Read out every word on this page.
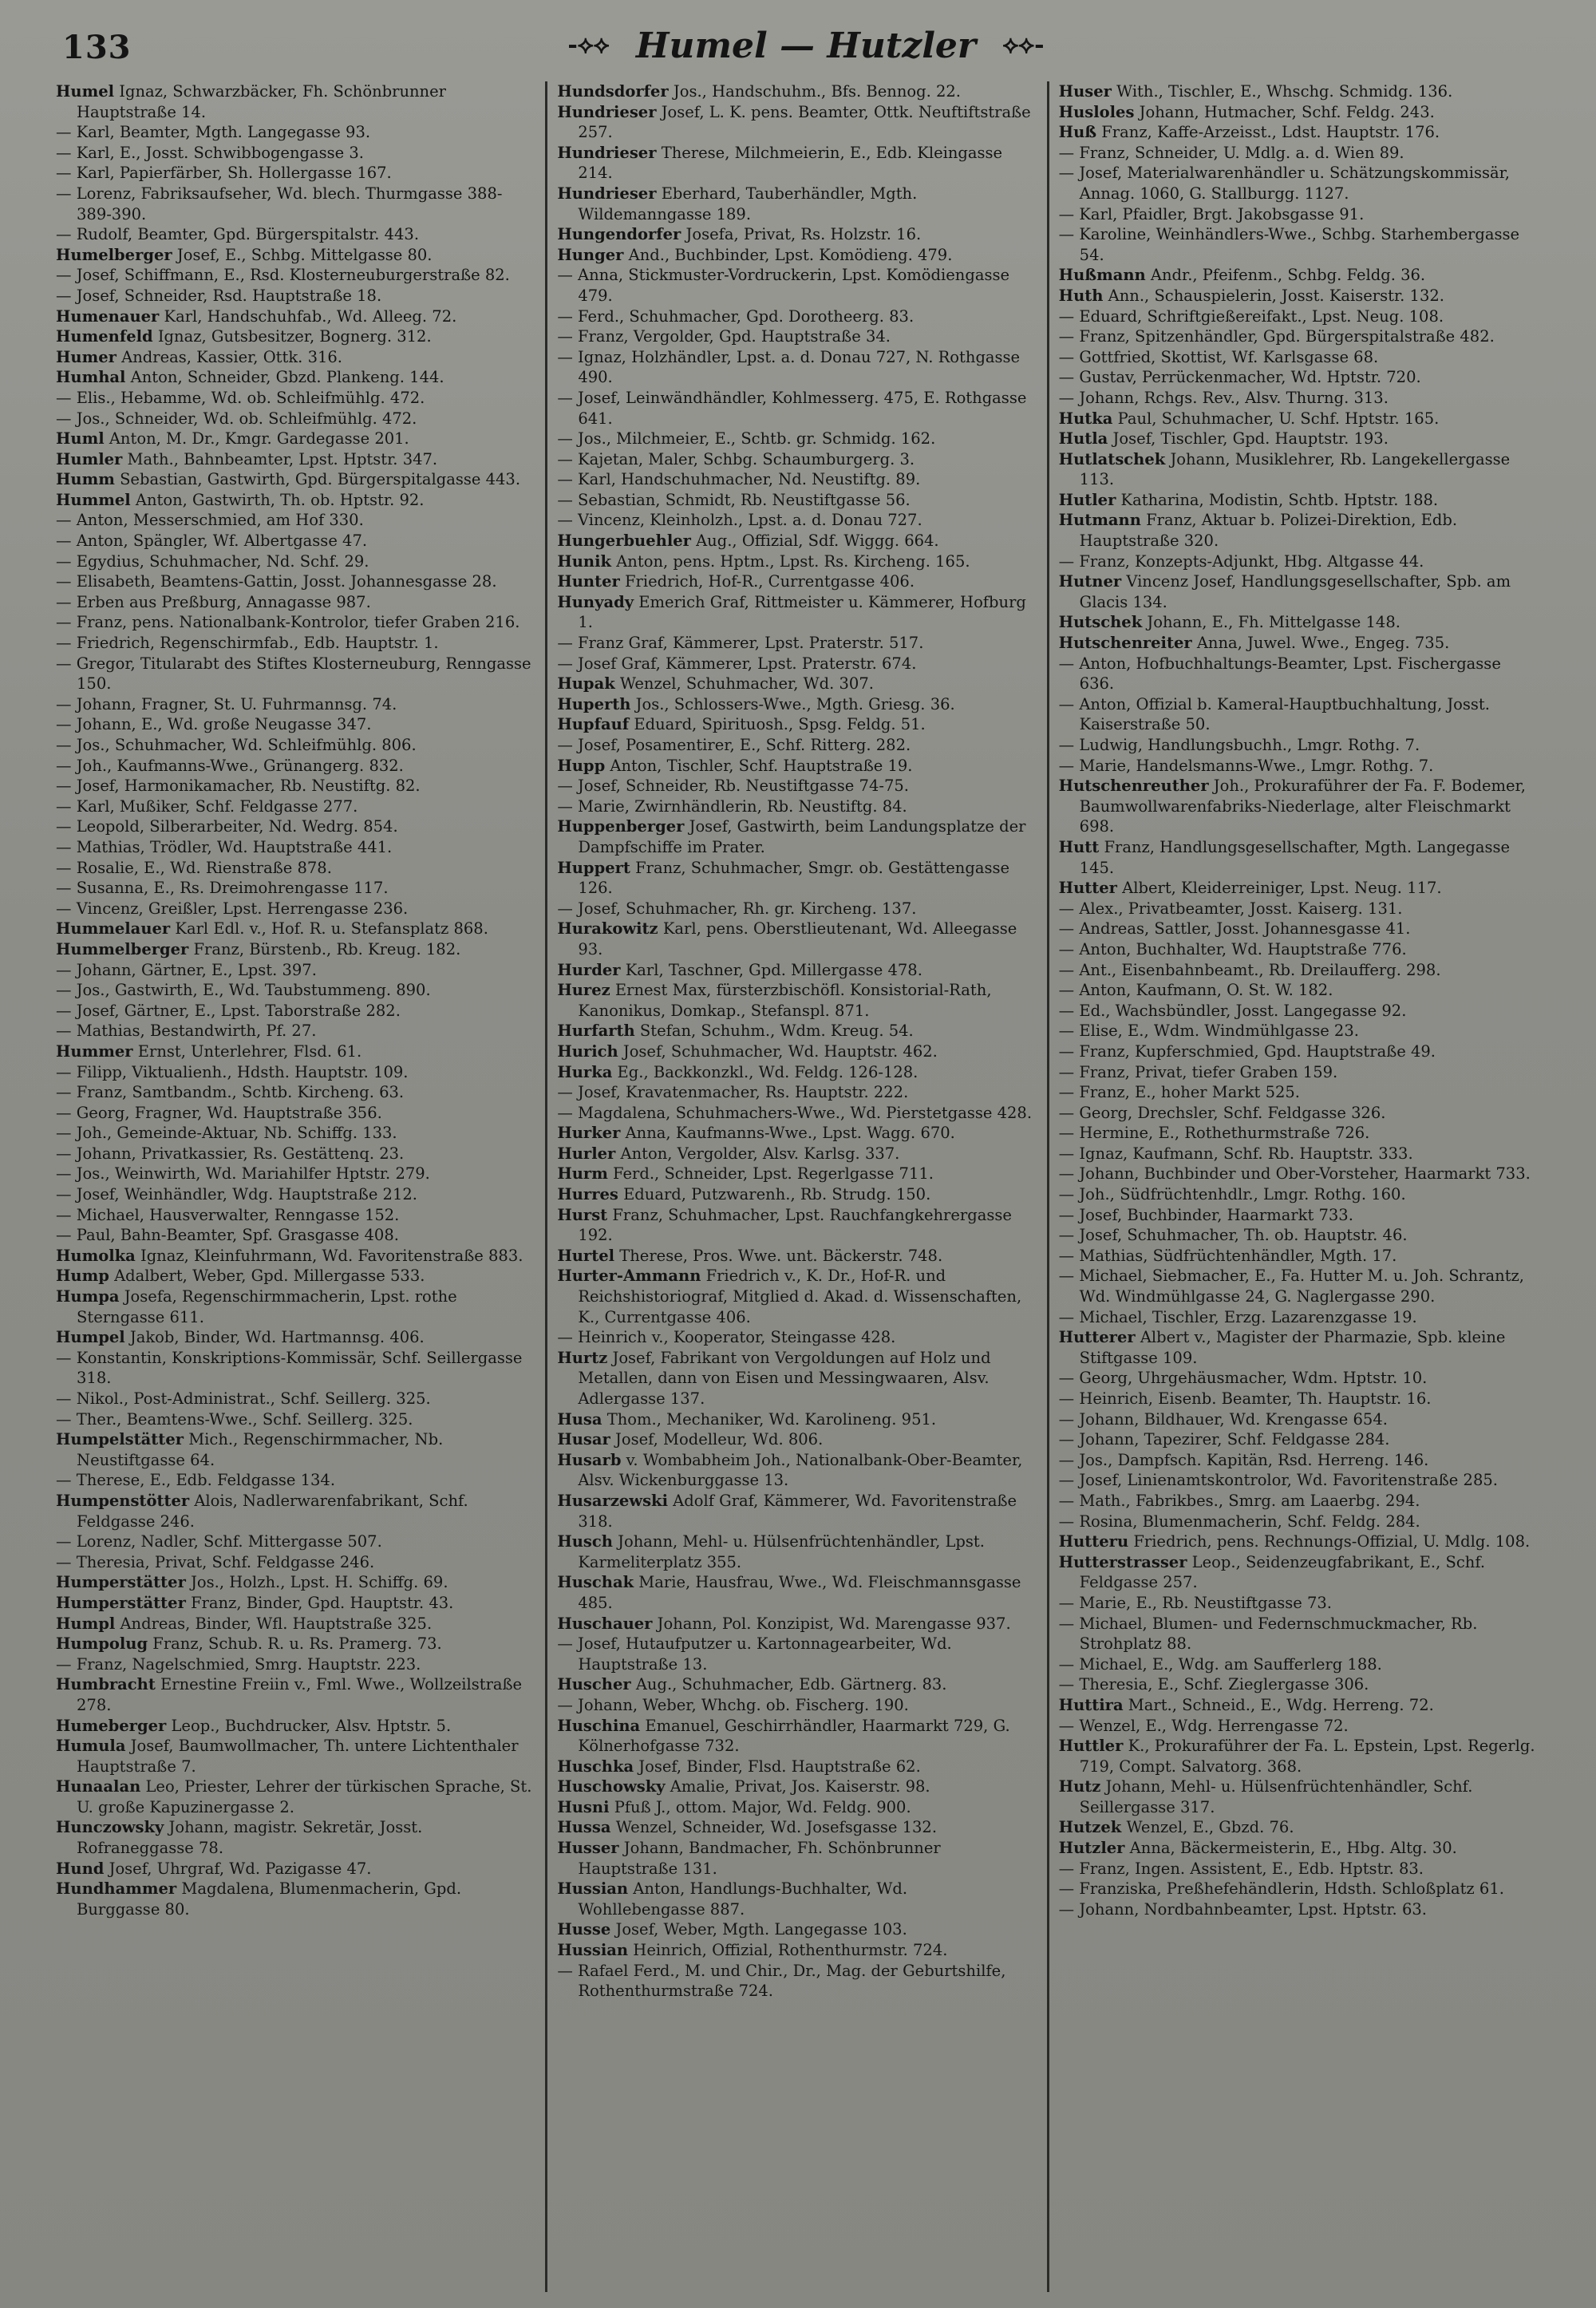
133	-⟡⟡ Humel — Hutzler ⟡⟡-
Humel Ignaz, Schwarzbäcker, Fh. Schönbrunner Hauptstraße 14.
— Karl, Beamter, Mgth. Langegasse 93.
— Karl, E., Josst. Schwibbogengasse 3.
— Karl, Papierfärber, Sh. Hollergasse 167.
— Lorenz, Fabriksaufseher, Wd. blech. Thurmgasse 388-389-390.
— Rudolf, Beamter, Gpd. Bürgerspitalstr. 443.
Humelberger Josef, E., Schbg. Mittelgasse 80.
— Josef, Schiffmann, E., Rsd. Klosterneuburgerstraße 82.
— Josef, Schneider, Rsd. Hauptstraße 18.
Humenauer Karl, Handschuhfab., Wd. Alleeg. 72.
Humenfeld Ignaz, Gutsbesitzer, Bognerg. 312.
Humer Andreas, Kassier, Ottk. 316.
Humhal Anton, Schneider, Gbzd. Plankeng. 144.
— Elis., Hebamme, Wd. ob. Schleifmühlg. 472.
— Jos., Schneider, Wd. ob. Schleifmühlg. 472.
Huml Anton, M. Dr., Kmgr. Gardegasse 201.
Humler Math., Bahnbeamter, Lpst. Hptstr. 347.
Humm Sebastian, Gastwirth, Gpd. Bürgerspitalgasse 443.
Hummel Anton, Gastwirth, Th. ob. Hptstr. 92.
— Anton, Messerschmied, am Hof 330.
— Anton, Spängler, Wf. Albertgasse 47.
— Egydius, Schuhmacher, Nd. Schf. 29.
— Elisabeth, Beamtens-Gattin, Josst. Johannesgasse 28.
— Erben aus Preßburg, Annagasse 987.
— Franz, pens. Nationalbank-Kontrolor, tiefer Graben 216.
— Friedrich, Regenschirmfab., Edb. Hauptstr. 1.
— Gregor, Titularabt des Stiftes Klosterneuburg, Renngasse 150.
— Johann, Fragner, St. U. Fuhrmannsg. 74.
— Johann, E., Wd. große Neugasse 347.
— Jos., Schuhmacher, Wd. Schleifmühlg. 806.
— Joh., Kaufmanns-Wwe., Grünangerg. 832.
— Josef, Harmonikamacher, Rb. Neustiftg. 82.
— Karl, Mußiker, Schf. Feldgasse 277.
— Leopold, Silberarbeiter, Nd. Wedrg. 854.
— Mathias, Trödler, Wd. Hauptstraße 441.
— Rosalie, E., Wd. Rienstraße 878.
— Susanna, E., Rs. Dreimohrengasse 117.
— Vincenz, Greißler, Lpst. Herrengasse 236.
Hummelauer Karl Edl. v., Hof. R. u. Stefansplatz 868.
Hummelberger Franz, Bürstenb., Rb. Kreug. 182.
— Johann, Gärtner, E., Lpst. 397.
— Jos., Gastwirth, E., Wd. Taubstummeng. 890.
— Josef, Gärtner, E., Lpst. Taborstraße 282.
— Mathias, Bestandwirth, Pf. 27.
Hummer Ernst, Unterlehrer, Flsd. 61.
— Filipp, Viktualienh., Hdsth. Hauptstr. 109.
— Franz, Samtbandm., Schtb. Kircheng. 63.
— Georg, Fragner, Wd. Hauptstraße 356.
— Joh., Gemeinde-Aktuar, Nb. Schiffg. 133.
— Johann, Privatkassier, Rs. Gestättenq. 23.
— Jos., Weinwirth, Wd. Mariahilfer Hptstr. 279.
— Josef, Weinhändler, Wdg. Hauptstraße 212.
— Michael, Hausverwalter, Renngasse 152.
— Paul, Bahn-Beamter, Spf. Grasgasse 408.
Humolka Ignaz, Kleinfuhrmann, Wd. Favoritenstraße 883.
Hump Adalbert, Weber, Gpd. Millergasse 533.
Humpa Josefa, Regenschirmmacherin, Lpst. rothe Sterngasse 611.
Humpel Jakob, Binder, Wd. Hartmannsg. 406.
— Konstantin, Konskriptions-Kommissär, Schf. Seillergasse 318.
— Nikol., Post-Administrat., Schf. Seillerg. 325.
— Ther., Beamtens-Wwe., Schf. Seillerg. 325.
Humpelstätter Mich., Regenschirmmacher, Nb. Neustiftgasse 64.
— Therese, E., Edb. Feldgasse 134.
Humpenstötter Alois, Nadlerwarenfabrikant, Schf. Feldgasse 246.
— Lorenz, Nadler, Schf. Mittergasse 507.
— Theresia, Privat, Schf. Feldgasse 246.
Humperstätter Jos., Holzh., Lpst. H. Schiffg. 69.
Humperstätter Franz, Binder, Gpd. Hauptstr. 43.
Humpl Andreas, Binder, Wfl. Hauptstraße 325.
Humpolug Franz, Schub. R. u. Rs. Pramerg. 73.
— Franz, Nagelschmied, Smrg. Hauptstr. 223.
Humbracht Ernestine Freiin v., Fml. Wwe., Wollzeilstraße 278.
Humeberger Leop., Buchdrucker, Alsv. Hptstr. 5.
Humula Josef, Baumwollmacher, Th. untere Lichtenthaler Hauptstraße 7.
Hunaalan Leo, Priester, Lehrer der türkischen Sprache, St. U. große Kapuzinergasse 2.
Hunczowsky Johann, magistr. Sekretär, Josst. Rofraneggasse 78.
Hund Josef, Uhrgraf, Wd. Pazigasse 47.
Hundhammer Magdalena, Blumenmacherin, Gpd. Burggasse 80.
Hundsdorfer Jos., Handschuhm., Bfs. Bennog. 22.
Hundrieser Josef, L. K. pens. Beamter, Ottk. Neuftiftstraße 257.
Hundrieser Therese, Milchmeierin, E., Edb. Kleingasse 214.
Hundrieser Eberhard, Tauberhändler, Mgth. Wildemanngasse 189.
Hungendorfer Josefa, Privat, Rs. Holzstr. 16.
Hunger And., Buchbinder, Lpst. Komödieng. 479.
— Anna, Stickmuster-Vordruckerin, Lpst. Komödiengasse 479.
— Ferd., Schuhmacher, Gpd. Dorotheerg. 83.
— Franz, Vergolder, Gpd. Hauptstraße 34.
— Ignaz, Holzhändler, Lpst. a. d. Donau 727, N. Rothgasse 490.
— Josef, Leinwändhändler, Kohlmesserg. 475, E. Rothgasse 641.
— Jos., Milchmeier, E., Schtb. gr. Schmidg. 162.
— Kajetan, Maler, Schbg. Schaumburgerg. 3.
— Karl, Handschuhmacher, Nd. Neustiftg. 89.
— Sebastian, Schmidt, Rb. Neustiftgasse 56.
— Vincenz, Kleinholzh., Lpst. a. d. Donau 727.
Hungerbuehler Aug., Offizial, Sdf. Wiggg. 664.
Hunik Anton, pens. Hptm., Lpst. Rs. Kircheng. 165.
Hunter Friedrich, Hof-R., Currentgasse 406.
Hunyady Emerich Graf, Rittmeister u. Kämmerer, Hofburg 1.
— Franz Graf, Kämmerer, Lpst. Praterstr. 517.
— Josef Graf, Kämmerer, Lpst. Praterstr. 674.
Hupak Wenzel, Schuhmacher, Wd. 307.
Huperth Jos., Schlossers-Wwe., Mgth. Griesg. 36.
Hupfauf Eduard, Spirituosh., Spsg. Feldg. 51.
— Josef, Posamentirer, E., Schf. Ritterg. 282.
Hupp Anton, Tischler, Schf. Hauptstraße 19.
— Josef, Schneider, Rb. Neustiftgasse 74-75.
— Marie, Zwirnhändlerin, Rb. Neustiftg. 84.
Huppenberger Josef, Gastwirth, beim Landungsplatze der Dampfschiffe im Prater.
Huppert Franz, Schuhmacher, Smgr. ob. Gestättengasse 126.
— Josef, Schuhmacher, Rh. gr. Kircheng. 137.
Hurakowitz Karl, pens. Oberstlieutenant, Wd. Alleegasse 93.
Hurder Karl, Taschner, Gpd. Millergasse 478.
Hurez Ernest Max, fürsterzbischöfl. Konsistorial-Rath, Kanonikus, Domkap., Stefanspl. 871.
Hurfarth Stefan, Schuhm., Wdm. Kreug. 54.
Hurich Josef, Schuhmacher, Wd. Hauptstr. 462.
Hurka Eg., Backkonzkl., Wd. Feldg. 126-128.
— Josef, Kravatenmacher, Rs. Hauptstr. 222.
— Magdalena, Schuhmachers-Wwe., Wd. Pierstetgasse 428.
Hurker Anna, Kaufmanns-Wwe., Lpst. Wagg. 670.
Hurler Anton, Vergolder, Alsv. Karlsg. 337.
Hurm Ferd., Schneider, Lpst. Regerlgasse 711.
Hurres Eduard, Putzwarenh., Rb. Strudg. 150.
Hurst Franz, Schuhmacher, Lpst. Rauchfangkehrergasse 192.
Hurtel Therese, Pros. Wwe. unt. Bäckerstr. 748.
Hurter-Ammann Friedrich v., K. Dr., Hof-R. und Reichshistoriograf, Mitglied d. Akad. d. Wissenschaften, K., Currentgasse 406.
— Heinrich v., Kooperator, Steingasse 428.
Hurtz Josef, Fabrikant von Vergoldungen auf Holz und Metallen, dann von Eisen und Messingwaaren, Alsv. Adlergasse 137.
Husa Thom., Mechaniker, Wd. Karolineng. 951.
Husar Josef, Modelleur, Wd. 806.
Husarb v. Wombabheim Joh., Nationalbank-Ober-Beamter, Alsv. Wickenburggasse 13.
Husarzewski Adolf Graf, Kämmerer, Wd. Favoritenstraße 318.
Husch Johann, Mehl- u. Hülsenfrüchtenhändler, Lpst. Karmeliterplatz 355.
Huschak Marie, Hausfrau, Wwe., Wd. Fleischmannsgasse 485.
Huschauer Johann, Pol. Konzipist, Wd. Marengasse 937.
— Josef, Hutaufputzer u. Kartonnagearbeiter, Wd. Hauptstraße 13.
Huscher Aug., Schuhmacher, Edb. Gärtnerg. 83.
— Johann, Weber, Whchg. ob. Fischerg. 190.
Huschina Emanuel, Geschirrhändler, Haarmarkt 729, G. Kölnerhofgasse 732.
Huschka Josef, Binder, Flsd. Hauptstraße 62.
Huschowsky Amalie, Privat, Jos. Kaiserstr. 98.
Husni Pfuß J., ottom. Major, Wd. Feldg. 900.
Hussa Wenzel, Schneider, Wd. Josefsgasse 132.
Husser Johann, Bandmacher, Fh. Schönbrunner Hauptstraße 131.
Hussian Anton, Handlungs-Buchhalter, Wd. Wohllebengasse 887.
Husse Josef, Weber, Mgth. Langegasse 103.
Hussian Heinrich, Offizial, Rothenthurmstr. 724.
— Rafael Ferd., M. und Chir., Dr., Mag. der Geburtshilfe, Rothenthurmstraße 724.
Huser With., Tischler, E., Whschg. Schmidg. 136.
Husloles Johann, Hutmacher, Schf. Feldg. 243.
Huß Franz, Kaffe-Arzeisst., Ldst. Hauptstr. 176.
— Franz, Schneider, U. Mdlg. a. d. Wien 89.
— Josef, Materialwarenhändler u. Schätzungskommissär, Annag. 1060, G. Stallburgg. 1127.
— Karl, Pfaidler, Brgt. Jakobsgasse 91.
— Karoline, Weinhändlers-Wwe., Schbg. Starhembergasse 54.
Hußmann Andr., Pfeifenm., Schbg. Feldg. 36.
Huth Ann., Schauspielerin, Josst. Kaiserstr. 132.
— Eduard, Schriftgießereifakt., Lpst. Neug. 108.
— Franz, Spitzenhändler, Gpd. Bürgerspitalstraße 482.
— Gottfried, Skottist, Wf. Karlsgasse 68.
— Gustav, Perrückenmacher, Wd. Hptstr. 720.
— Johann, Rchgs. Rev., Alsv. Thurng. 313.
Hutka Paul, Schuhmacher, U. Schf. Hptstr. 165.
Hutla Josef, Tischler, Gpd. Hauptstr. 193.
Hutlatschek Johann, Musiklehrer, Rb. Langekellergasse 113.
Hutler Katharina, Modistin, Schtb. Hptstr. 188.
Hutmann Franz, Aktuar b. Polizei-Direktion, Edb. Hauptstraße 320.
— Franz, Konzepts-Adjunkt, Hbg. Altgasse 44.
Hutner Vincenz Josef, Handlungsgesellschafter, Spb. am Glacis 134.
Hutschek Johann, E., Fh. Mittelgasse 148.
Hutschenreiter Anna, Juwel. Wwe., Engeg. 735.
— Anton, Hofbuchhaltungs-Beamter, Lpst. Fischergasse 636.
— Anton, Offizial b. Kameral-Hauptbuchhaltung, Josst. Kaiserstraße 50.
— Ludwig, Handlungsbuchh., Lmgr. Rothg. 7.
— Marie, Handelsmanns-Wwe., Lmgr. Rothg. 7.
Hutschenreuther Joh., Prokuraführer der Fa. F. Bodemer, Baumwollwarenfabriks-Niederlage, alter Fleischmarkt 698.
Hutt Franz, Handlungsgesellschafter, Mgth. Langegasse 145.
Hutter Albert, Kleiderreiniger, Lpst. Neug. 117.
— Alex., Privatbeamter, Josst. Kaiserg. 131.
— Andreas, Sattler, Josst. Johannesgasse 41.
— Anton, Buchhalter, Wd. Hauptstraße 776.
— Ant., Eisenbahnbeamt., Rb. Dreilaufferg. 298.
— Anton, Kaufmann, O. St. W. 182.
— Ed., Wachsbündler, Josst. Langegasse 92.
— Elise, E., Wdm. Windmühlgasse 23.
— Franz, Kupferschmied, Gpd. Hauptstraße 49.
— Franz, Privat, tiefer Graben 159.
— Franz, E., hoher Markt 525.
— Georg, Drechsler, Schf. Feldgasse 326.
— Hermine, E., Rothethurmstraße 726.
— Ignaz, Kaufmann, Schf. Rb. Hauptstr. 333.
— Johann, Buchbinder und Ober-Vorsteher, Haarmarkt 733.
— Joh., Südfrüchtenhdlr., Lmgr. Rothg. 160.
— Josef, Buchbinder, Haarmarkt 733.
— Josef, Schuhmacher, Th. ob. Hauptstr. 46.
— Mathias, Südfrüchtenhändler, Mgth. 17.
— Michael, Siebmacher, E., Fa. Hutter M. u. Joh. Schrantz, Wd. Windmühlgasse 24, G. Naglergasse 290.
— Michael, Tischler, Erzg. Lazarenzgasse 19.
Hutterer Albert v., Magister der Pharmazie, Spb. kleine Stiftgasse 109.
— Georg, Uhrgehäusmacher, Wdm. Hptstr. 10.
— Heinrich, Eisenb. Beamter, Th. Hauptstr. 16.
— Johann, Bildhauer, Wd. Krengasse 654.
— Johann, Tapezirer, Schf. Feldgasse 284.
— Jos., Dampfsch. Kapitän, Rsd. Herreng. 146.
— Josef, Linienamtskontrolor, Wd. Favoritenstraße 285.
— Math., Fabrikbes., Smrg. am Laaerbg. 294.
— Rosina, Blumenmacherin, Schf. Feldg. 284.
Hutteru Friedrich, pens. Rechnungs-Offizial, U. Mdlg. 108.
Hutterstrasser Leop., Seidenzeugfabrikant, E., Schf. Feldgasse 257.
— Marie, E., Rb. Neustiftgasse 73.
— Michael, Blumen- und Federnschmuckmacher, Rb. Strohplatz 88.
— Michael, E., Wdg. am Saufferlerg 188.
— Theresia, E., Schf. Zieglergasse 306.
Huttira Mart., Schneid., E., Wdg. Herreng. 72.
— Wenzel, E., Wdg. Herrengasse 72.
Huttler K., Prokuraführer der Fa. L. Epstein, Lpst. Regerlg. 719, Compt. Salvatorg. 368.
Hutz Johann, Mehl- u. Hülsenfrüchtenhändler, Schf. Seillergasse 317.
Hutzek Wenzel, E., Gbzd. 76.
Hutzler Anna, Bäckermeisterin, E., Hbg. Altg. 30.
— Franz, Ingen. Assistent, E., Edb. Hptstr. 83.
— Franziska, Preßhefehändlerin, Hdsth. Schloßplatz 61.
— Johann, Nordbahnbeamter, Lpst. Hptstr. 63.
